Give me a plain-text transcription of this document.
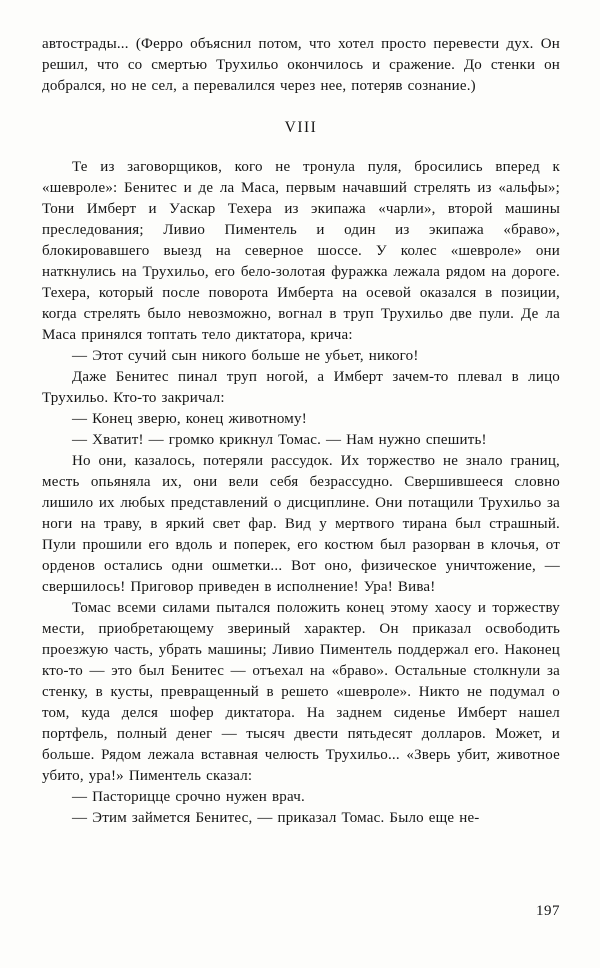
автострады... (Ферро объяснил потом, что хотел просто перевести дух. Он решил, что со смертью Трухильо окончилось и сражение. До стенки он добрался, но не сел, а перевалился через нее, потеряв сознание.)

VIII

Те из заговорщиков, кого не тронула пуля, бросились вперед к «шевроле»: Бенитес и де ла Маса, первым начавший стрелять из «альфы»; Тони Имберт и Уаскар Техера из экипажа «чарли», второй машины преследования; Ливио Пиментель и один из экипажа «браво», блокировавшего выезд на северное шоссе. У колес «шевроле» они наткнулись на Трухильо, его бело-золотая фуражка лежала рядом на дороге. Техера, который после поворота Имберта на осевой оказался в позиции, когда стрелять было невозможно, вогнал в труп Трухильо две пули. Де ла Маса принялся топтать тело диктатора, крича:

— Этот сучий сын никого больше не убьет, никого!

Даже Бенитес пинал труп ногой, а Имберт зачем-то плевал в лицо Трухильо. Кто-то закричал:

— Конец зверю, конец животному!

— Хватит! — громко крикнул Томас. — Нам нужно спешить!

Но они, казалось, потеряли рассудок. Их торжество не знало границ, месть опьяняла их, они вели себя безрассудно. Свершившееся словно лишило их любых представлений о дисциплине. Они потащили Трухильо за ноги на траву, в яркий свет фар. Вид у мертвого тирана был страшный. Пули прошили его вдоль и поперек, его костюм был разорван в клочья, от орденов остались одни ошметки... Вот оно, физическое уничтожение, — свершилось! Приговор приведен в исполнение! Ура! Вива!

Томас всеми силами пытался положить конец этому хаосу и торжеству мести, приобретающему звериный характер. Он приказал освободить проезжую часть, убрать машины; Ливио Пиментель поддержал его. Наконец кто-то — это был Бенитес — отъехал на «браво». Остальные столкнули за стенку, в кусты, превращенный в решето «шевроле». Никто не подумал о том, куда делся шофер диктатора. На заднем сиденье Имберт нашел портфель, полный денег — тысяч двести пятьдесят долларов. Может, и больше. Рядом лежала вставная челюсть Трухильо... «Зверь убит, животное убито, ура!» Пиментель сказал:

— Пасторицце срочно нужен врач.

— Этим займется Бенитес, — приказал Томас. Было еще не-

197
